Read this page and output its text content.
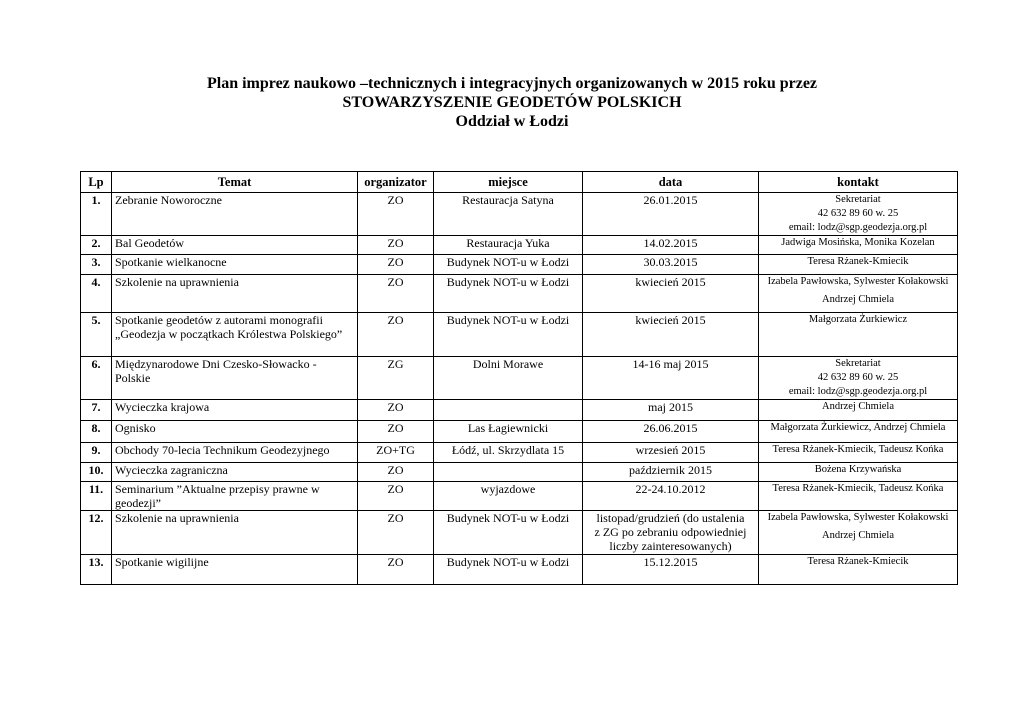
Plan imprez naukowo –technicznych i integracyjnych organizowanych w 2015 roku przez
STOWARZYSZENIE GEODETÓW POLSKICH
Oddział w Łodzi
Lp	Temat	organizator	miejsce	data	kontakt
1.	Zebranie Noworoczne	ZO	Restauracja Satyna	26.01.2015	Sekretariat
42 632 89 60 w. 25
email: lodz@sgp.geodezja.org.pl

2.	Bal Geodetów	ZO	Restauracja Yuka	14.02.2015	Jadwiga Mosińska, Monika Kozelan

3.	Spotkanie wielkanocne	ZO	Budynek NOT-u w Łodzi	30.03.2015	Teresa Rżanek-Kmiecik

4.	Szkolenie na uprawnienia	ZO	Budynek NOT-u w Łodzi	kwiecień 2015	Izabela Pawłowska, Sylwester Kołakowski
Andrzej Chmiela

5.	Spotkanie geodetów z autorami monografii „Geodezja w początkach Królestwa Polskiego”	ZO	Budynek NOT-u w Łodzi	kwiecień 2015	Małgorzata Żurkiewicz

6.	Międzynarodowe Dni Czesko-Słowacko - Polskie	ZG	Dolni Morawe	14-16 maj 2015	Sekretariat
42 632 89 60 w. 25
email: lodz@sgp.geodezja.org.pl

7.	Wycieczka krajowa	ZO		maj 2015	Andrzej Chmiela

8.	Ognisko	ZO	Las Łagiewnicki	26.06.2015	Małgorzata Żurkiewicz, Andrzej Chmiela

9.	Obchody 70-lecia Technikum Geodezyjnego	ZO+TG	Łódź, ul. Skrzydlata 15	wrzesień 2015	Teresa Rżanek-Kmiecik, Tadeusz Końka

10.	Wycieczka zagraniczna	ZO		październik 2015	Bożena Krzywańska

11.	Seminarium ”Aktualne przepisy prawne w geodezji”	ZO	wyjazdowe	22-24.10.2012	Teresa Rżanek-Kmiecik, Tadeusz Końka

12.	Szkolenie na uprawnienia	ZO	Budynek NOT-u w Łodzi	listopad/grudzień (do ustalenia
z ZG po zebraniu odpowiedniej
liczby zainteresowanych)	Izabela Pawłowska, Sylwester Kołakowski
Andrzej Chmiela

13.	Spotkanie wigilijne	ZO	Budynek NOT-u w Łodzi	15.12.2015	Teresa Rżanek-Kmiecik
